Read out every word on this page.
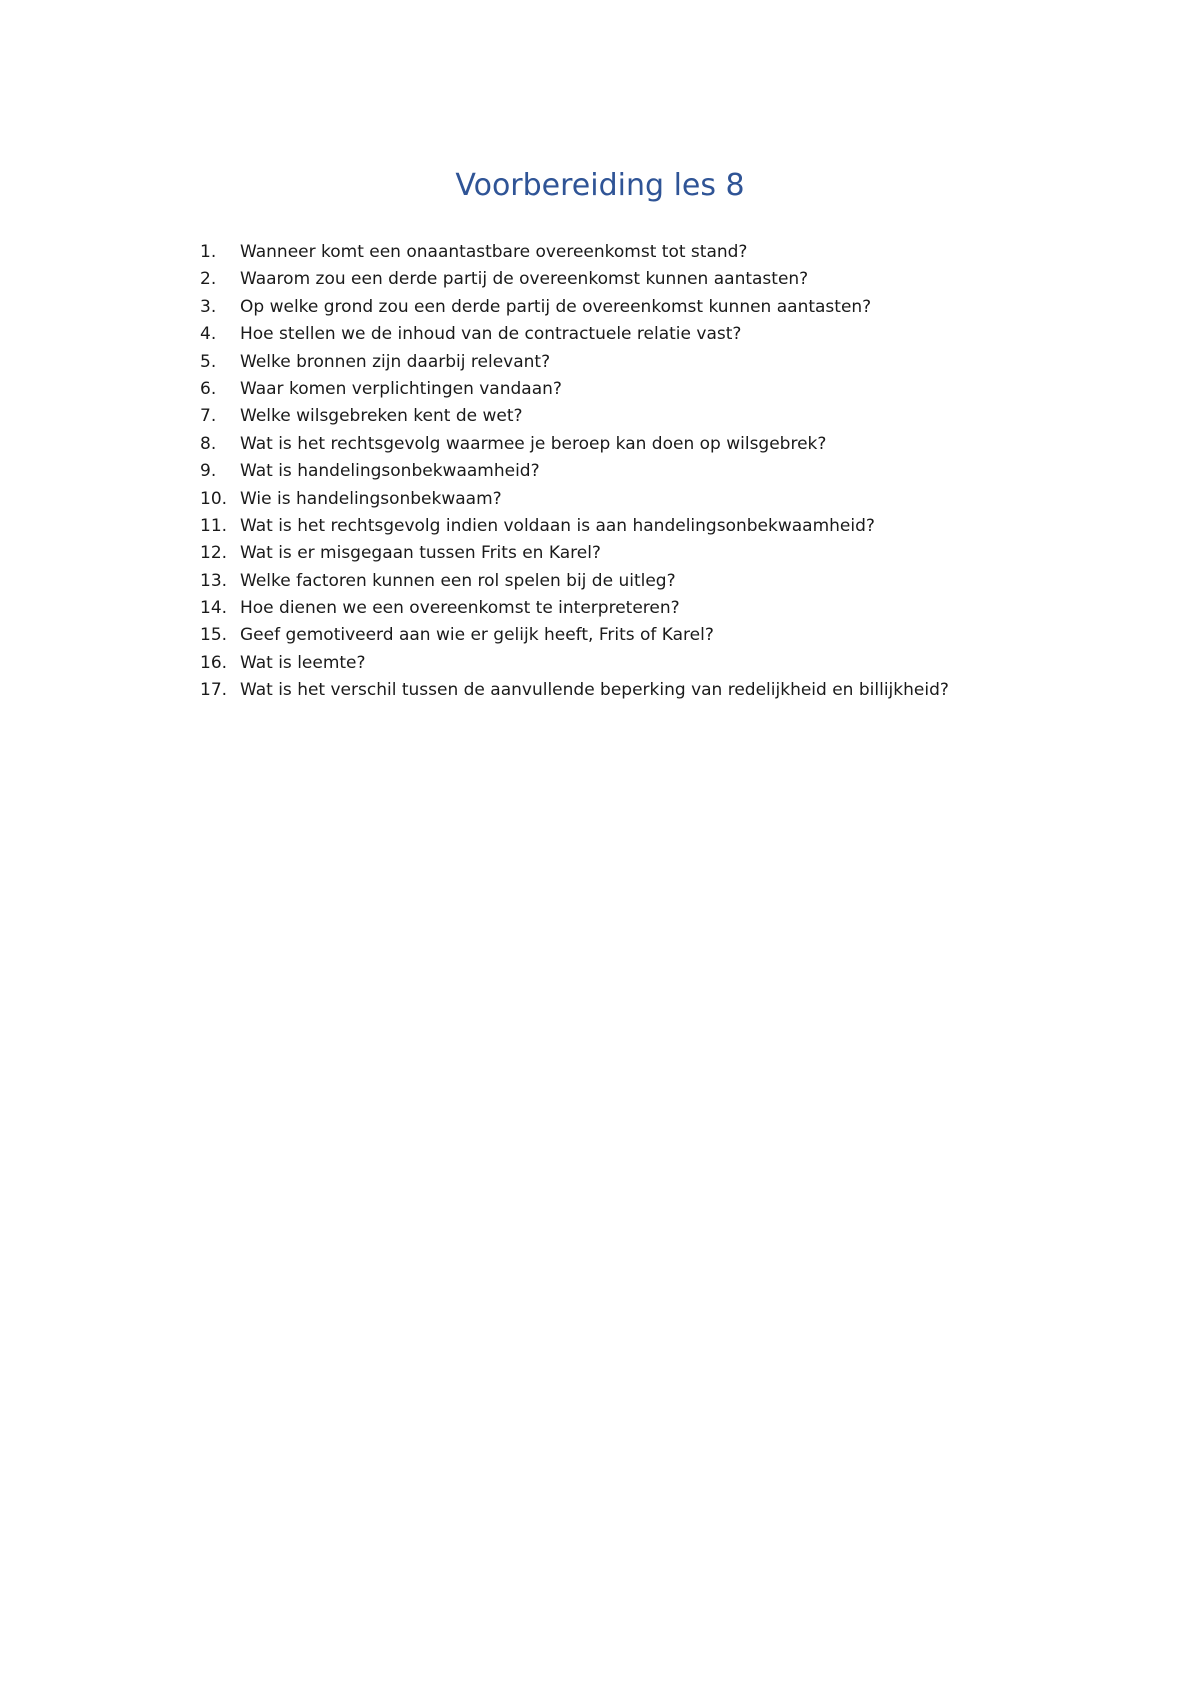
Voorbereiding les 8
1.	Wanneer komt een onaantastbare overeenkomst tot stand?
2.	Waarom zou een derde partij de overeenkomst kunnen aantasten?
3.	Op welke grond zou een derde partij de overeenkomst kunnen aantasten?
4.	Hoe stellen we de inhoud van de contractuele relatie vast?
5.	Welke bronnen zijn daarbij relevant?
6.	Waar komen verplichtingen vandaan?
7.	Welke wilsgebreken kent de wet?
8.	Wat is het rechtsgevolg waarmee je beroep kan doen op wilsgebrek?
9.	Wat is handelingsonbekwaamheid?
10. Wie is handelingsonbekwaam?
11. Wat is het rechtsgevolg indien voldaan is aan handelingsonbekwaamheid?
12. Wat is er misgegaan tussen Frits en Karel?
13. Welke factoren kunnen een rol spelen bij de uitleg?
14. Hoe dienen we een overeenkomst te interpreteren?
15. Geef gemotiveerd aan wie er gelijk heeft, Frits of Karel?
16. Wat is leemte?
17. Wat is het verschil tussen de aanvullende beperking van redelijkheid en billijkheid?
